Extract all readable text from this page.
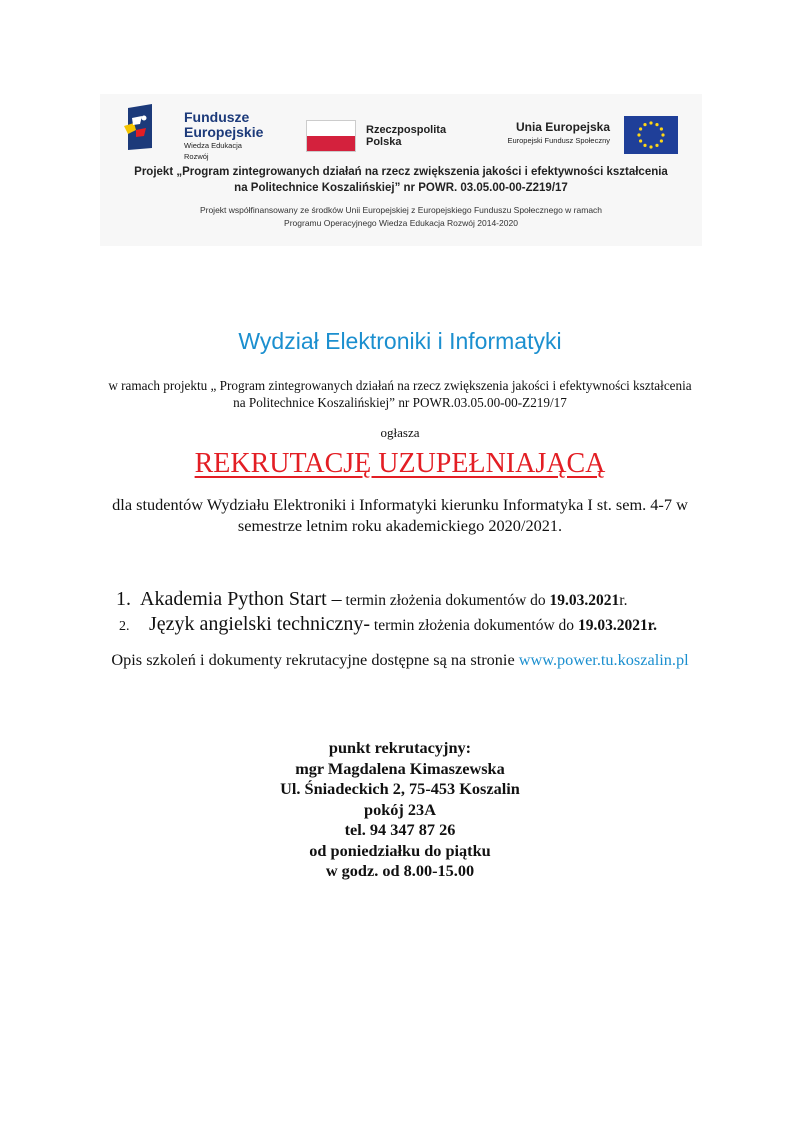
Fundusze
Europejskie
Wiedza Edukacja Rozwój
Rzeczpospolita
Polska
Unia Europejska
Europejski Fundusz Społeczny
Projekt „Program zintegrowanych działań na rzecz zwiększenia jakości i efektywności kształcenia
na Politechnice Koszalińskiej” nr POWR. 03.05.00-00-Z219/17
Projekt współfinansowany ze środków Unii Europejskiej z Europejskiego Funduszu Społecznego w ramach
Programu Operacyjnego Wiedza Edukacja Rozwój 2014-2020
Wydział Elektroniki i Informatyki
w ramach projektu „ Program zintegrowanych działań na rzecz zwiększenia jakości i efektywności kształcenia
na Politechnice Koszalińskiej” nr POWR.03.05.00-00-Z219/17
ogłasza
REKRUTACJĘ UZUPEŁNIAJĄCĄ
dla studentów Wydziału Elektroniki i Informatyki kierunku Informatyka I st. sem. 4-7 w
semestrze letnim roku akademickiego 2020/2021.
1. Akademia Python Start – termin złożenia dokumentów do 19.03.2021r.
2. Język angielski techniczny- termin złożenia dokumentów do 19.03.2021r.
Opis szkoleń i dokumenty rekrutacyjne dostępne są na stronie www.power.tu.koszalin.pl
punkt rekrutacyjny:
mgr Magdalena Kimaszewska
Ul. Śniadeckich 2, 75-453 Koszalin
pokój 23A
tel. 94 347 87 26
od poniedziałku do piątku
w godz. od 8.00-15.00
